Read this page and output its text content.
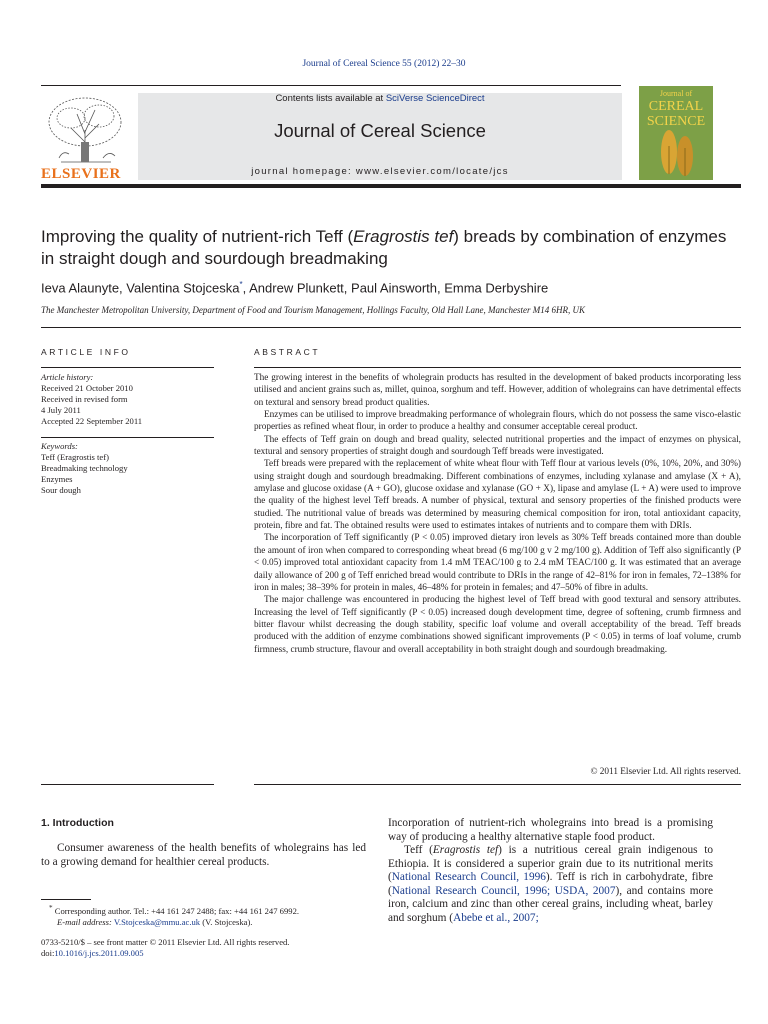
Journal of Cereal Science 55 (2012) 22–30
ELSEVIER
Contents lists available at SciVerse ScienceDirect
Journal of Cereal Science
journal homepage: www.elsevier.com/locate/jcs
Journal of
CEREAL
SCIENCE
Improving the quality of nutrient-rich Teff (Eragrostis tef) breads by combination of enzymes in straight dough and sourdough breadmaking
Ieva Alaunyte, Valentina Stojceska*, Andrew Plunkett, Paul Ainsworth, Emma Derbyshire
The Manchester Metropolitan University, Department of Food and Tourism Management, Hollings Faculty, Old Hall Lane, Manchester M14 6HR, UK
ARTICLE INFO	ABSTRACT
Article history:
Received 21 October 2010
Received in revised form
4 July 2011
Accepted 22 September 2011
Keywords:
Teff (Eragrostis tef)
Breadmaking technology
Enzymes
Sour dough

The growing interest in the benefits of wholegrain products has resulted in the development of baked products incorporating less utilised and ancient grains such as, millet, quinoa, sorghum and teff. However, addition of wholegrains can have detrimental effects on textural and sensory bread product qualities.

Enzymes can be utilised to improve breadmaking performance of wholegrain flours, which do not possess the same visco-elastic properties as refined wheat flour, in order to produce a healthy and consumer acceptable cereal product.

The effects of Teff grain on dough and bread quality, selected nutritional properties and the impact of enzymes on physical, textural and sensory properties of straight dough and sourdough Teff breads were investigated.

Teff breads were prepared with the replacement of white wheat flour with Teff flour at various levels (0%, 10%, 20%, and 30%) using straight dough and sourdough breadmaking. Different combinations of enzymes, including xylanase and amylase (X + A), amylase and glucose oxidase (A + GO), glucose oxidase and xylanase (GO + X), lipase and amylase (L + A) were used to improve the quality of the highest level Teff breads. A number of physical, textural and sensory properties of the finished products were studied. The nutritional value of breads was determined by measuring chemical composition for iron, total antioxidant capacity, protein, fibre and fat. The obtained results were used to estimates intakes of nutrients and to compare them with DRIs.

The incorporation of Teff significantly (P < 0.05) improved dietary iron levels as 30% Teff breads contained more than double the amount of iron when compared to corresponding wheat bread (6 mg/100 g v 2 mg/100 g). Addition of Teff also significantly (P < 0.05) improved total antioxidant capacity from 1.4 mM TEAC/100 g to 2.4 mM TEAC/100 g. It was estimated that an average daily allowance of 200 g of Teff enriched bread would contribute to DRIs in the range of 42–81% for iron in females, 72–138% for iron in males; 38–39% for protein in males, 46–48% for protein in females; and 47–50% of fibre in adults.

The major challenge was encountered in producing the highest level of Teff bread with good textural and sensory attributes. Increasing the level of Teff significantly (P < 0.05) increased dough development time, degree of softening, crumb firmness and bitter flavour whilst decreasing the dough stability, specific loaf volume and overall acceptability of the bread. Teff breads produced with the addition of enzyme combinations showed significant improvements (P < 0.05) in terms of loaf volume, crumb firmness, crumb structure, flavour and overall acceptability in both straight dough and sourdough breadmaking.

© 2011 Elsevier Ltd. All rights reserved.
1. Introduction
Consumer awareness of the health benefits of wholegrains has led to a growing demand for healthier cereal products.

Incorporation of nutrient-rich wholegrains into bread is a promising way of producing a healthy alternative staple food product.

Teff (Eragrostis tef) is a nutritious cereal grain indigenous to Ethiopia. It is considered a superior grain due to its nutritional merits (National Research Council, 1996). Teff is rich in carbohydrate, fibre (National Research Council, 1996; USDA, 2007), and contains more iron, calcium and zinc than other cereal grains, including wheat, barley and sorghum (Abebe et al., 2007;

* Corresponding author. Tel.: +44 161 247 2488; fax: +44 161 247 6992.
E-mail address: V.Stojceska@mmu.ac.uk (V. Stojceska).
0733-5210/$ – see front matter © 2011 Elsevier Ltd. All rights reserved.
doi:10.1016/j.jcs.2011.09.005
